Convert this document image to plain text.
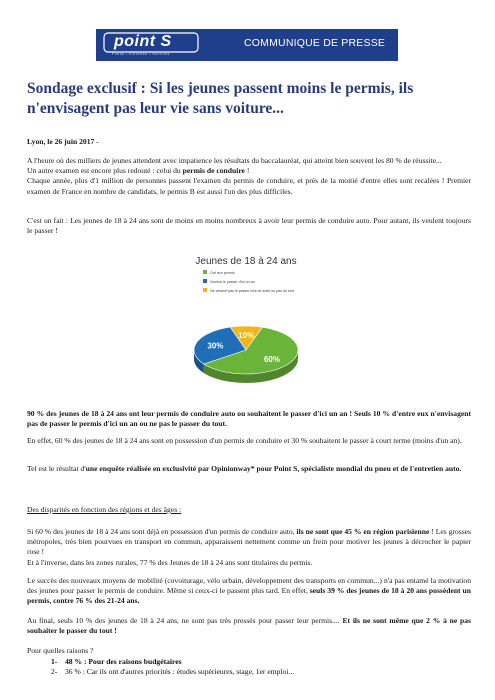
point S
Pneus • Entretien • Services
COMMUNIQUE DE PRESSE
Sondage exclusif : Si les jeunes passent moins le permis, ils n'envisagent pas leur vie sans voiture...
Lyon, le 26 juin 2017 -
A l'heure où des milliers de jeunes attendent avec impatience les résultats du baccalauréat, qui atteint bien souvent les 80 % de réussite...
Un autre examen est encore plus redouté : celui du permis de conduire !
Chaque année, plus d'1 million de personnes passent l'examen du permis de conduire, et près de la moitié d'entre elles sont recalées ! Premier examen de France en nombre de candidats, le permis B est aussi l'un des plus difficiles.
C'est un fait : Les jeunes de 18 à 24 ans sont de moins en moins nombreux à avoir leur permis de conduire auto. Pour autant, ils veulent toujours le passer !
Jeunes de 18 à 24 ans
Ont leur permis
Veulent le passer d'ici un an
Ne veulent pas le passer tout de suite ou pas du tout
60%
30%
10%
90 % des jeunes de 18 à 24 ans ont leur permis de conduire auto ou souhaitent le passer d'ici un an ! Seuls 10 % d'entre eux n'envisagent pas de passer le permis d'ici un an ou ne pas le passer du tout.
En effet, 60 % des jeunes de 18 à 24 ans sont en possession d'un permis de conduire et 30 % souhaitent le passer à court terme (moins d'un an).
Tel est le résultat d'une enquête réalisée en exclusivité par Opinionway* pour Point S, spécialiste mondial du pneu et de l'entretien auto.
Des disparités en fonction des régions et des âges :
Si 60 % des jeunes de 18 à 24 ans sont déjà en possession d'un permis de conduire auto, ils ne sont que 45 % en région parisienne ! Les grosses métropoles, très bien pourvues en transport en commun, apparaissent nettement comme un frein pour motiver les jeunes à décrocher le papier rose !
Et à l'inverse, dans les zones rurales, 77 % des Jeunes de 18 à 24 ans sont titulaires du permis.
Le succès des nouveaux moyens de mobilité (covoiturage, vélo urbain, développement des transports en commun...) n'a pas entamé la motivation des jeunes pour passer le permis de conduire. Même si ceux-ci le passent plus tard. En effet, seuls 39 % des jeunes de 18 à 20 ans possèdent un permis, contre 76 % des 21-24 ans.
Au final, seuls 10 % des jeunes de 18 à 24 ans, ne sont pas très pressés pour passer leur permis.... Et ils ne sont même que 2 % à ne pas souhaiter le passer du tout !
Pour quelles raisons ?
1- 48 % : Pour des raisons budgétaires
2- 36 % : Car ils ont d'autres priorités : études supérieures, stage, 1er emploi...
